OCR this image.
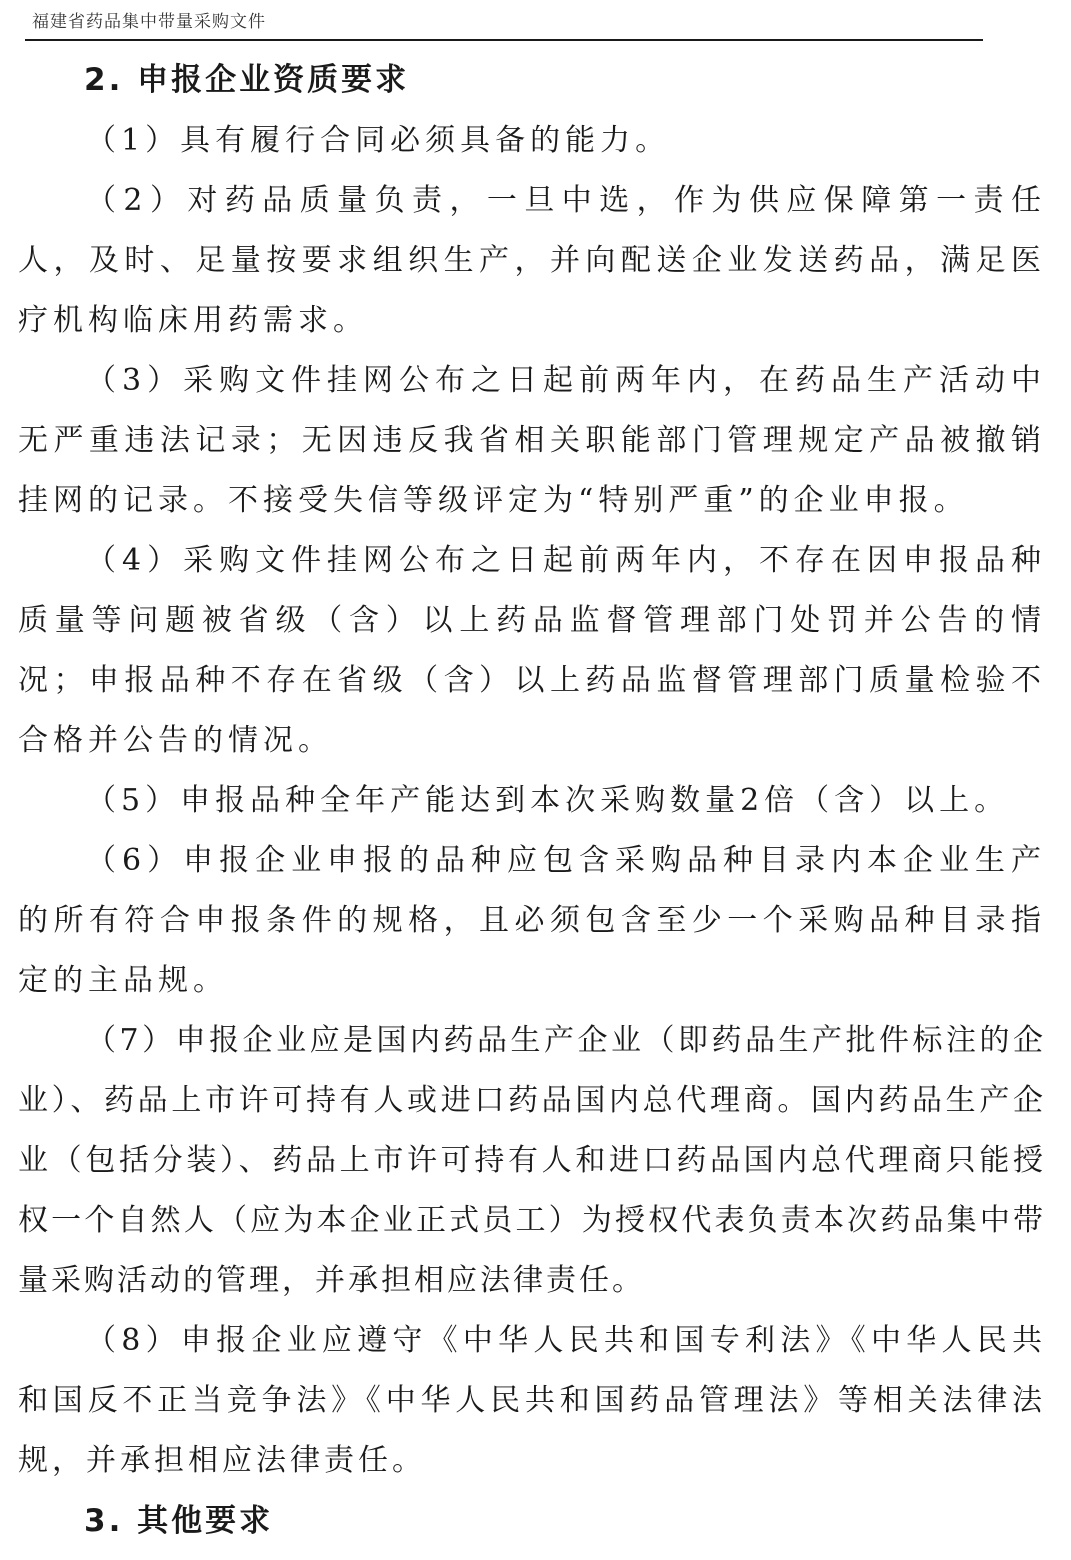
福建省药品集中带量采购文件
2. 申报企业资质要求

（1）具有履行合同必须具备的能力。

（2）对药品质量负责，一旦中选，作为供应保障第一责任人，及时、足量按要求组织生产，并向配送企业发送药品，满足医疗机构临床用药需求。

（3）采购文件挂网公布之日起前两年内，在药品生产活动中无严重违法记录；无因违反我省相关职能部门管理规定产品被撤销挂网的记录。不接受失信等级评定为“特别严重”的企业申报。

（4）采购文件挂网公布之日起前两年内，不存在因申报品种质量等问题被省级（含）以上药品监督管理部门处罚并公告的情况；申报品种不存在省级（含）以上药品监督管理部门质量检验不合格并公告的情况。

（5）申报品种全年产能达到本次采购数量2倍（含）以上。

（6）申报企业申报的品种应包含采购品种目录内本企业生产的所有符合申报条件的规格，且必须包含至少一个采购品种目录指定的主品规。

（7）申报企业应是国内药品生产企业（即药品生产批件标注的企业）、药品上市许可持有人或进口药品国内总代理商。国内药品生产企业（包括分装）、药品上市许可持有人和进口药品国内总代理商只能授权一个自然人（应为本企业正式员工）为授权代表负责本次药品集中带量采购活动的管理，并承担相应法律责任。

（8）申报企业应遵守《中华人民共和国专利法》《中华人民共和国反不正当竞争法》《中华人民共和国药品管理法》等相关法律法规，并承担相应法律责任。

3. 其他要求
